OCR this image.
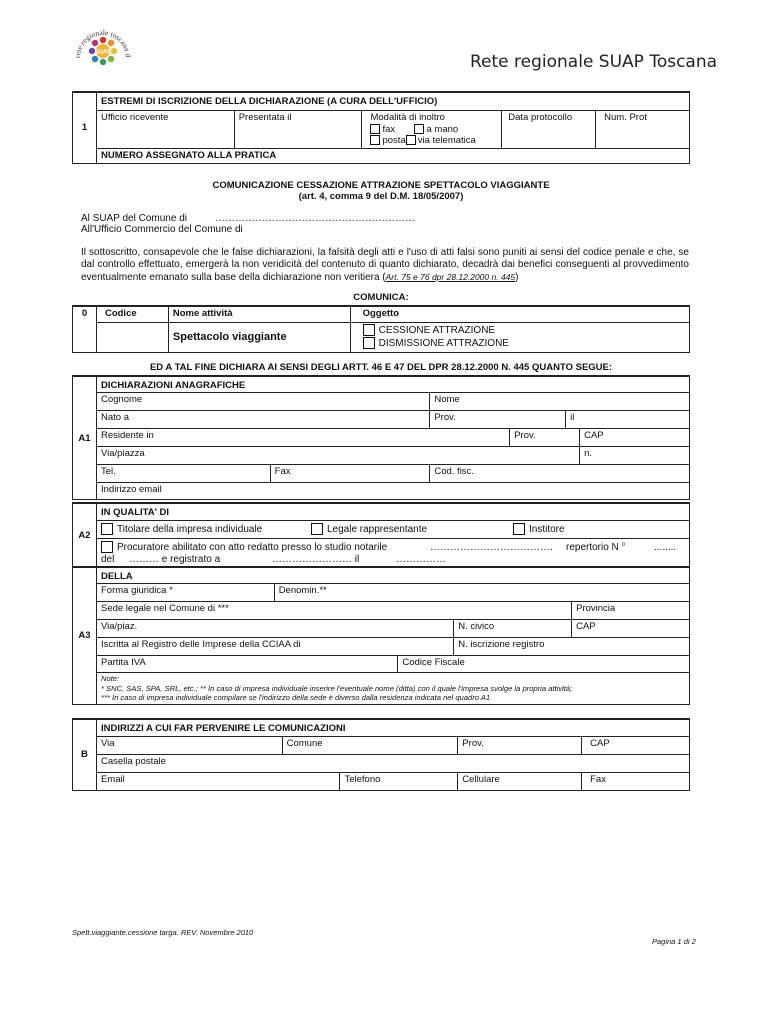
rete regionale toscana d
SUAP	Rete regionale SUAP Toscana
1	ESTREMI DI ISCRIZIONE DELLA DICHIARAZIONE (A CURA DELL'UFFICIO)				
	Ufficio ricevente	Presentata il	Modalità di inoltro
fax a mano
posta via telematica	Data protocollo	Num. Prot

	NUMERO ASSEGNATO ALLA PRATICA				
COMUNICAZIONE CESSAZIONE ATTRAZIONE SPETTACOLO VIAGGIANTE
(art. 4, comma 9 del D.M. 18/05/2007)
Al SUAP del Comune di	……………………………………………………
All'Ufficio Commercio del Comune di
Il sottoscritto, consapevole che le false dichiarazioni, la falsità degli atti e l'uso di atti falsi sono puniti ai sensi del codice penale e che, se dal controllo effettuato, emergerà la non veridicità del contenuto di quanto dichiarato, decadrà dai benefici conseguenti al provvedimento eventualmente emanato sulla base della dichiarazione non veritiera (Art. 75 e 76 dpr 28.12.2000 n. 445)
COMUNICA:
0	Codice	Nome attività	Oggetto
		Spettacolo viaggiante	CESSIONE ATTRAZIONE
DISMISSIONE ATTRAZIONE
ED A TAL FINE DICHIARA AI SENSI DEGLI ARTT. 46 E 47 DEL DPR 28.12.2000 N. 445 QUANTO SEGUE:
A1	DICHIARAZIONI ANAGRAFICHE					
	Cognome		Nome			
	Nato a		Prov.		il	
	Residente in			Prov.		CAP
	Via/piazza					n.
	Tel.	Fax	Cod. fisc.			
	Indirizzo email					
A2	IN QUALITA' DI
Titolare della impresa individuale	Legale rappresentante	Institore

Procuratore abilitato con atto redatto presso lo studio notarile	………………………………. repertorio N °	........
del ……… e registrato a	…………………… il	……………
A3	DELLA				
	Forma giuridica *	Denomin.**			
	Sede legale nel Comune di ***				Provincia
	Via/piaz.			N. civico	CAP
	Iscritta al Registro delle Imprese della CCIAA di			N. iscrizione registro	
	Partita IVA		Codice Fiscale		

	Note:
* SNC, SAS, SPA, SRL, etc.; ** In caso di impresa individuale inserire l'eventuale nome (ditta) con il quale l'impresa svolge la propria attività;
*** In caso di impresa individuale compilare se l'indirizzo della sede è diverso dalla residenza indicata nel quadro A1				
B	INDIRIZZI A CUI FAR PERVENIRE LE COMUNICAZIONI				
	Via	Comune		Prov.	CAP
	Casella postale				
	Email		Telefono	Cellulare	Fax
Spett.viaggiante.cessione targa. REV. Novembre 2010
Pagina 1 di 2
